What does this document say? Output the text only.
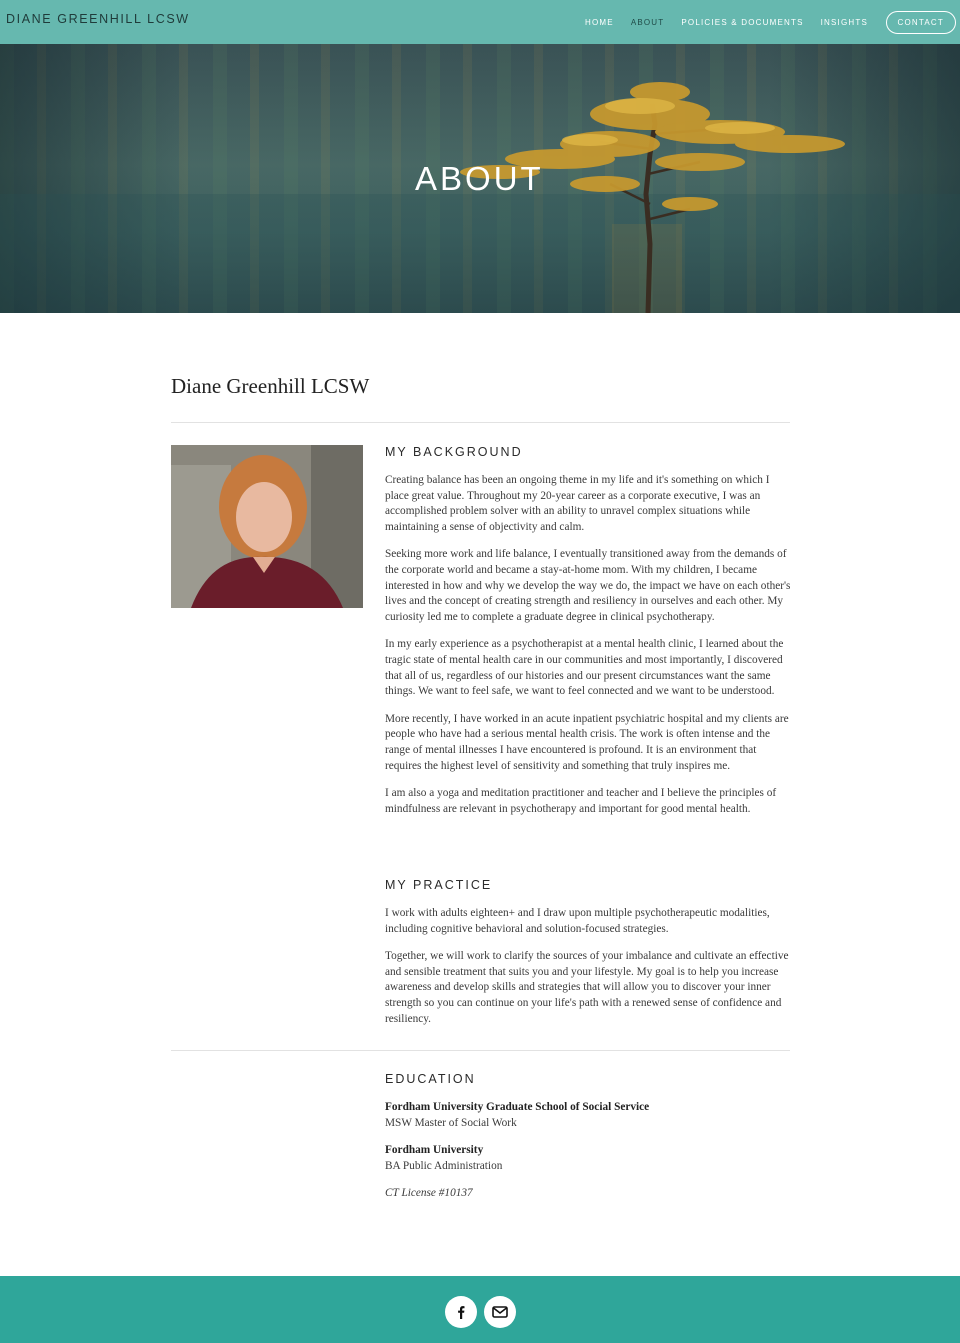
DIANE GREENHILL LCSW	HOME ABOUT POLICIES & DOCUMENTS INSIGHTS	CONTACT
ABOUT
Diane Greenhill LCSW
MY BACKGROUND

Creating balance has been an ongoing theme in my life and it's something on which I place great value. Throughout my 20-year career as a corporate executive, I was an accomplished problem solver with an ability to unravel complex situations while maintaining a sense of objectivity and calm.

Seeking more work and life balance, I eventually transitioned away from the demands of the corporate world and became a stay-at-home mom. With my children, I became interested in how and why we develop the way we do, the impact we have on each other's lives and the concept of creating strength and resiliency in ourselves and each other. My curiosity led me to complete a graduate degree in clinical psychotherapy.

In my early experience as a psychotherapist at a mental health clinic, I learned about the tragic state of mental health care in our communities and most importantly, I discovered that all of us, regardless of our histories and our present circumstances want the same things. We want to feel safe, we want to feel connected and we want to be understood.

More recently, I have worked in an acute inpatient psychiatric hospital and my clients are people who have had a serious mental health crisis. The work is often intense and the range of mental illnesses I have encountered is profound. It is an environment that requires the highest level of sensitivity and something that truly inspires me.

I am also a yoga and meditation practitioner and teacher and I believe the principles of mindfulness are relevant in psychotherapy and important for good mental health.

MY PRACTICE

I work with adults eighteen+ and I draw upon multiple psychotherapeutic modalities, including cognitive behavioral and solution-focused strategies.

Together, we will work to clarify the sources of your imbalance and cultivate an effective and sensible treatment that suits you and your lifestyle. My goal is to help you increase awareness and develop skills and strategies that will allow you to discover your inner strength so you can continue on your life's path with a renewed sense of confidence and resiliency.

EDUCATION

Fordham University Graduate School of Social Service

MSW Master of Social Work

Fordham University

BA Public Administration

CT License #10137
